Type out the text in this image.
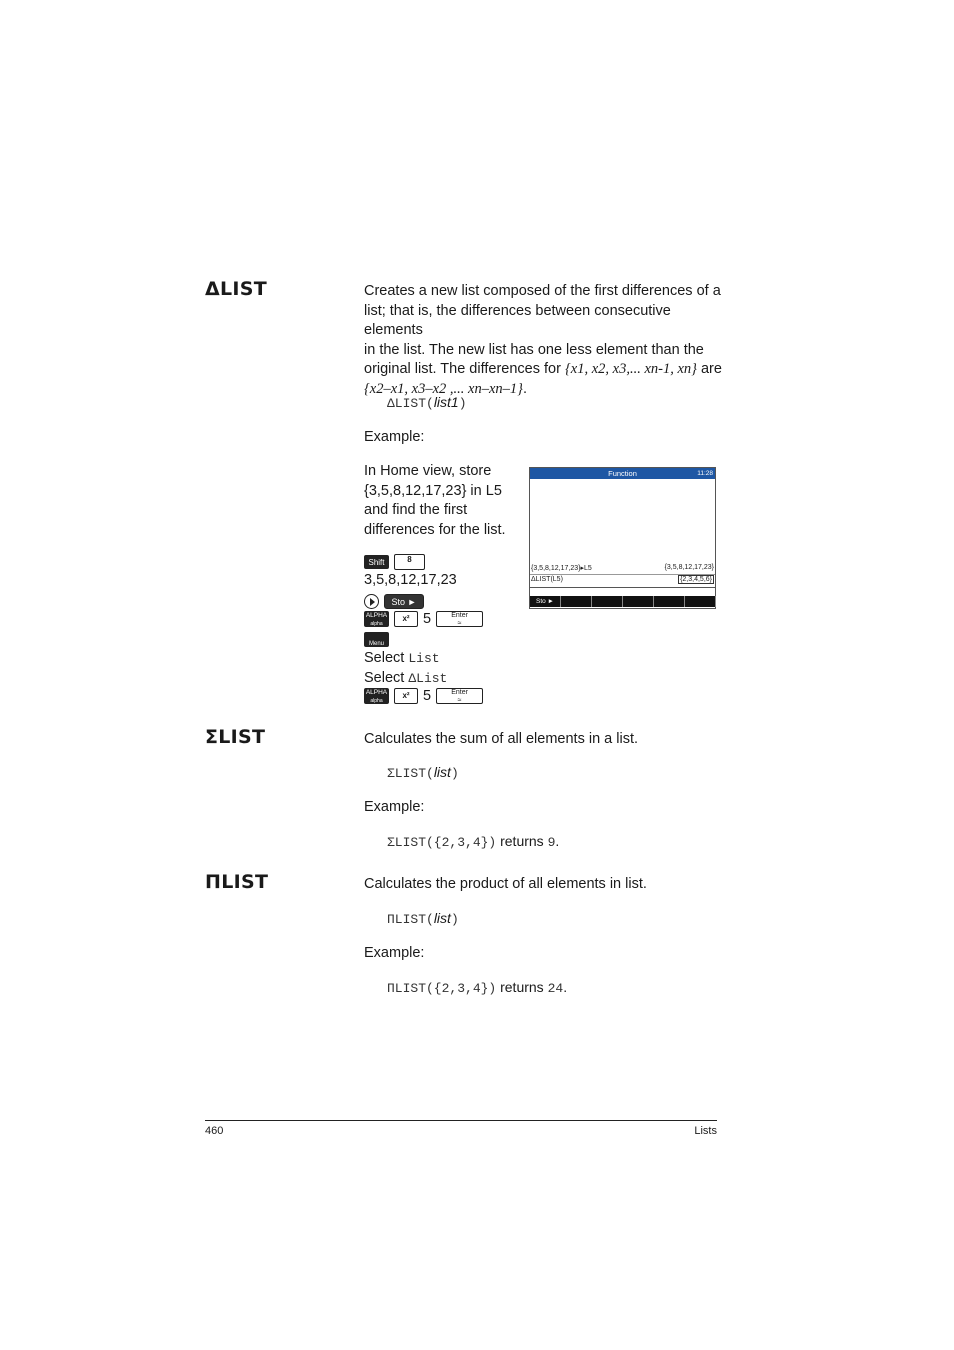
ΔLIST	Creates a new list composed of the first differences of a
list; that is, the differences between consecutive elements
in the list. The new list has one less element than the
original list. The differences for {x1, x2, x3,... xn-1, xn} are
{x2–x1, x3–x2 ,... xn–xn–1}.
ΔLIST(list1)
Example:
In Home view, store
{3,5,8,12,17,23} in L5
and find the first
differences for the list.
Shift	8
3,5,8,12,17,23
Sto ►
ALPHA
alpha
x² 5	Enter
≈
Menu
Select List
Select ΔList
ALPHA
alpha
x² 5	Enter
≈
Function	11:28
{3,5,8,12,17,23}▸L5	{3,5,8,12,17,23}
ΔLIST(L5)	{2,3,4,5,6}
Sto ►
ΣLIST	Calculates the sum of all elements in a list.
ΣLIST(list)
Example:
ΣLIST({2,3,4}) returns 9.
ΠLIST	Calculates the product of all elements in list.
ΠLIST(list)
Example:
ΠLIST({2,3,4}) returns 24.
460	Lists
